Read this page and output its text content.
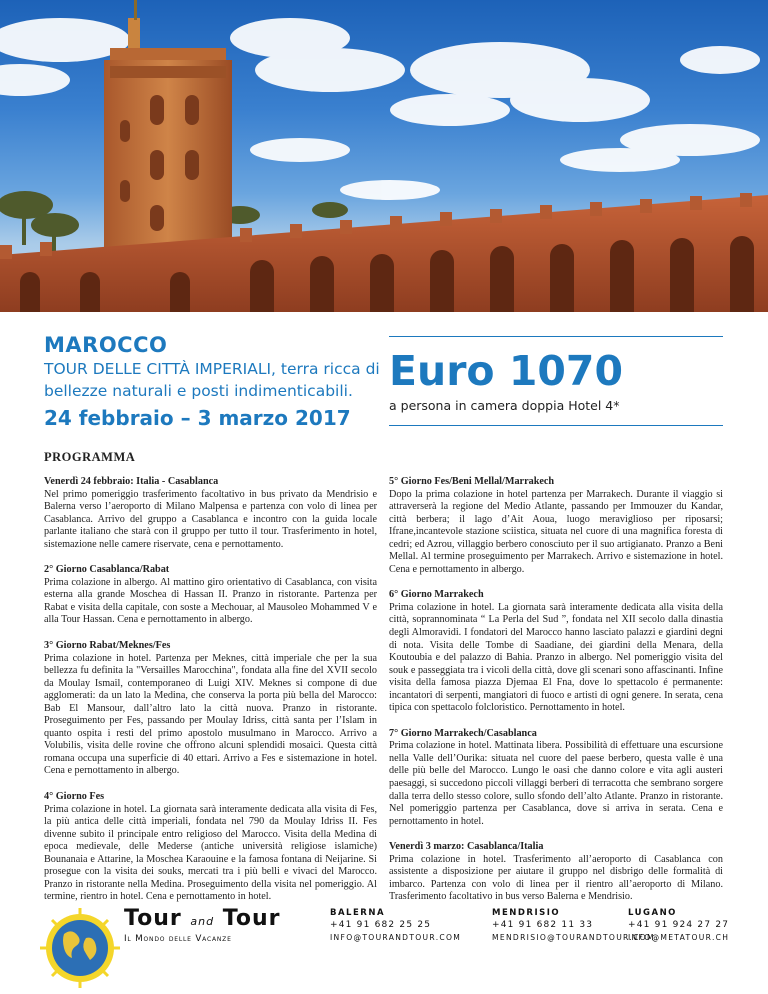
MAROCCO
TOUR DELLE CITTÀ IMPERIALI, terra ricca di bellezze naturali e posti indimenticabili.
24 febbraio – 3 marzo 2017
Euro 1070
a persona in camera doppia Hotel 4*
PROGRAMMA
Venerdì 24 febbraio: Italia - Casablanca

Nel primo pomeriggio trasferimento facoltativo in bus privato da Mendrisio e Balerna verso l’aeroporto di Milano Malpensa e partenza con volo di linea per Casablanca. Arrivo del gruppo a Casablanca e incontro con la guida locale parlante italiano che starà con il gruppo per tutto il tour. Trasferimento in hotel, sistemazione nelle camere riservate, cena e pernottamento.

2° Giorno Casablanca/Rabat

Prima colazione in albergo. Al mattino giro orientativo di Casablanca, con visita esterna alla grande Moschea di Hassan II. Pranzo in ristorante. Partenza per Rabat e visita della capitale, con soste a Mechouar, al Mausoleo Mohammed V e alla Tour Hassan. Cena e pernottamento in albergo.

3° Giorno Rabat/Meknes/Fes

Prima colazione in hotel. Partenza per Meknes, città imperiale che per la sua bellezza fu definita la "Versailles Marocchina", fondata alla fine del XVII secolo da Moulay Ismail, contemporaneo di Luigi XIV. Meknes si compone di due agglomerati: da un lato la Medina, che conserva la porta più bella del Marocco: Bab El Mansour, dall’altro lato la città nuova. Pranzo in ristorante. Proseguimento per Fes, passando per Moulay Idriss, città santa per l’Islam in quanto ospita i resti del primo apostolo musulmano in Marocco. Arrivo a Volubilis, visita delle rovine che offrono alcuni splendidi mosaici. Questa città romana occupa una superficie di 40 ettari. Arrivo a Fes e sistemazione in hotel. Cena e pernottamento in albergo.

4° Giorno Fes

Prima colazione in hotel. La giornata sarà interamente dedicata alla visita di Fes, la più antica delle città imperiali, fondata nel 790 da Moulay Idriss II. Fes divenne subito il principale entro religioso del Marocco. Visita della Medina di epoca medievale, delle Mederse (antiche università religiose islamiche) Bounanaia e Attarine, la Moschea Karaouine e la famosa fontana di Neijarine. Si prosegue con la visita dei souks, mercati tra i più belli e vivaci del Marocco. Pranzo in ristorante nella Medina. Proseguimento della visita nel pomeriggio. Al termine, rientro in hotel. Cena e pernottamento in hotel.

5° Giorno Fes/Beni Mellal/Marrakech

Dopo la prima colazione in hotel partenza per Marrakech. Durante il viaggio si attraverserà la regione del Medio Atlante, passando per Immouzer du Kandar, città berbera; il lago d’Ait Aoua, luogo meraviglioso per riposarsi; Ifrane,incantevole stazione sciistica, situata nel cuore di una magnifica foresta di cedri; ed Azrou, villaggio berbero conosciuto per il suo artigianato. Pranzo a Beni Mellal. Al termine proseguimento per Marrakech. Arrivo e sistemazione in hotel. Cena e pernottamento in albergo.

6° Giorno Marrakech

Prima colazione in hotel. La giornata sarà interamente dedicata alla visita della città, soprannominata “ La Perla del Sud ”, fondata nel XII secolo dalla dinastia degli Almoravidi. I fondatori del Marocco hanno lasciato palazzi e giardini degni di nota. Visita delle Tombe di Saadiane, dei giardini della Menara, della Koutoubia e del palazzo di Bahia. Pranzo in albergo. Nel pomeriggio visita del souk e passeggiata tra i vicoli della città, dove gli scenari sono affascinanti. Infine visita della famosa piazza Djemaa El Fna, dove lo spettacolo é permanente: incantatori di serpenti, mangiatori di fuoco e artisti di ogni genere. In serata, cena tipica con spettacolo folcloristico. Pernottamento in hotel.

7° Giorno Marrakech/Casablanca

Prima colazione in hotel. Mattinata libera. Possibilità di effettuare una escursione nella Valle dell’Ourika: situata nel cuore del paese berbero, questa valle è una delle più belle del Marocco. Lungo le oasi che danno colore e vita agli austeri paesaggi, si succedono piccoli villaggi berberi di terracotta che sembrano sorgere dalla terra dello stesso colore, sullo sfondo dell’alto Atlante. Pranzo in ristorante. Nel pomeriggio partenza per Casablanca, dove si arriva in serata. Cena e pernottamento in hotel.

Venerdì 3 marzo: Casablanca/Italia

Prima colazione in hotel. Trasferimento all’aeroporto di Casablanca con assistente a disposizione per aiutare il gruppo nel disbrigo delle formalità di imbarco. Partenza con volo di linea per il rientro all’aeroporto di Milano. Trasferimento facoltativo in bus verso Balerna e Mendrisio.

Tour and Tour
Il Mondo delle Vacanze
BALERNA
+41 91 682 25 25
INFO@TOURANDTOUR.COM
MENDRISIO
+41 91 682 11 33
MENDRISIO@TOURANDTOUR.COM
LUGANO
+41 91 924 27 27
INFO@METATOUR.CH
